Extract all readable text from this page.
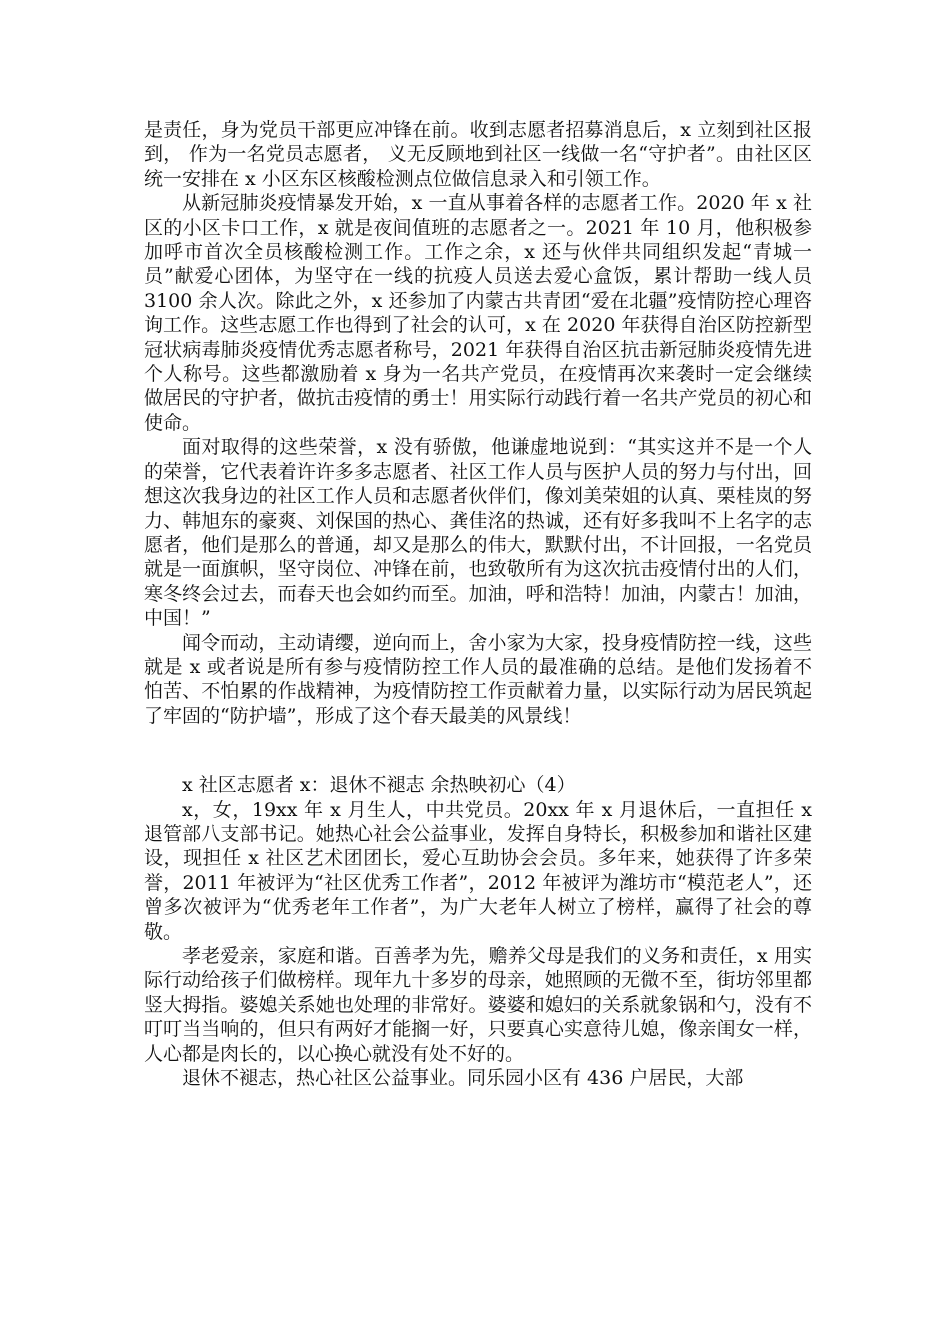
是责任，身为党员干部更应冲锋在前。收到志愿者招募消息后，x 立刻到社区报到， 作为一名党员志愿者， 义无反顾地到社区一线做一名“守护者”。由社区区统一安排在 x 小区东区核酸检测点位做信息录入和引领工作。

从新冠肺炎疫情暴发开始，x 一直从事着各样的志愿者工作。2020 年 x 社区的小区卡口工作，x 就是夜间值班的志愿者之一。2021 年 10 月，他积极参加呼市首次全员核酸检测工作。工作之余，x 还与伙伴共同组织发起“青城一员”献爱心团体，为坚守在一线的抗疫人员送去爱心盒饭，累计帮助一线人员 3100 余人次。除此之外，x 还参加了内蒙古共青团“爱在北疆”疫情防控心理咨询工作。这些志愿工作也得到了社会的认可，x 在 2020 年获得自治区防控新型冠状病毒肺炎疫情优秀志愿者称号，2021 年获得自治区抗击新冠肺炎疫情先进个人称号。这些都激励着 x 身为一名共产党员，在疫情再次来袭时一定会继续做居民的守护者，做抗击疫情的勇士！用实际行动践行着一名共产党员的初心和使命。

面对取得的这些荣誉，x 没有骄傲，他谦虚地说到：“其实这并不是一个人的荣誉，它代表着许许多多志愿者、社区工作人员与医护人员的努力与付出，回想这次我身边的社区工作人员和志愿者伙伴们，像刘美荣姐的认真、栗桂岚的努力、韩旭东的豪爽、刘保国的热心、龚佳洺的热诚，还有好多我叫不上名字的志愿者，他们是那么的普通，却又是那么的伟大，默默付出，不计回报，一名党员就是一面旗帜，坚守岗位、冲锋在前，也致敬所有为这次抗击疫情付出的人们，寒冬终会过去，而春天也会如约而至。加油，呼和浩特！加油，内蒙古！加油，中国！”

闻令而动，主动请缨，逆向而上，舍小家为大家，投身疫情防控一线，这些就是 x 或者说是所有参与疫情防控工作人员的最准确的总结。是他们发扬着不怕苦、不怕累的作战精神，为疫情防控工作贡献着力量，以实际行动为居民筑起了牢固的“防护墙”，形成了这个春天最美的风景线！

x 社区志愿者 x：退休不褪志 余热映初心（4）

x，女，19xx 年 x 月生人，中共党员。20xx 年 x 月退休后，一直担任 x 退管部八支部书记。她热心社会公益事业，发挥自身特长，积极参加和谐社区建设，现担任 x 社区艺术团团长，爱心互助协会会员。多年来，她获得了许多荣誉，2011 年被评为“社区优秀工作者”，2012 年被评为潍坊市“模范老人”，还曾多次被评为“优秀老年工作者”，为广大老年人树立了榜样，赢得了社会的尊敬。

孝老爱亲，家庭和谐。百善孝为先，赡养父母是我们的义务和责任，x 用实际行动给孩子们做榜样。现年九十多岁的母亲，她照顾的无微不至，街坊邻里都竖大拇指。婆媳关系她也处理的非常好。婆婆和媳妇的关系就象锅和勺，没有不叮叮当当响的，但只有两好才能搁一好，只要真心实意待儿媳，像亲闺女一样，人心都是肉长的，以心换心就没有处不好的。

退休不褪志，热心社区公益事业。同乐园小区有 436 户居民，大部
